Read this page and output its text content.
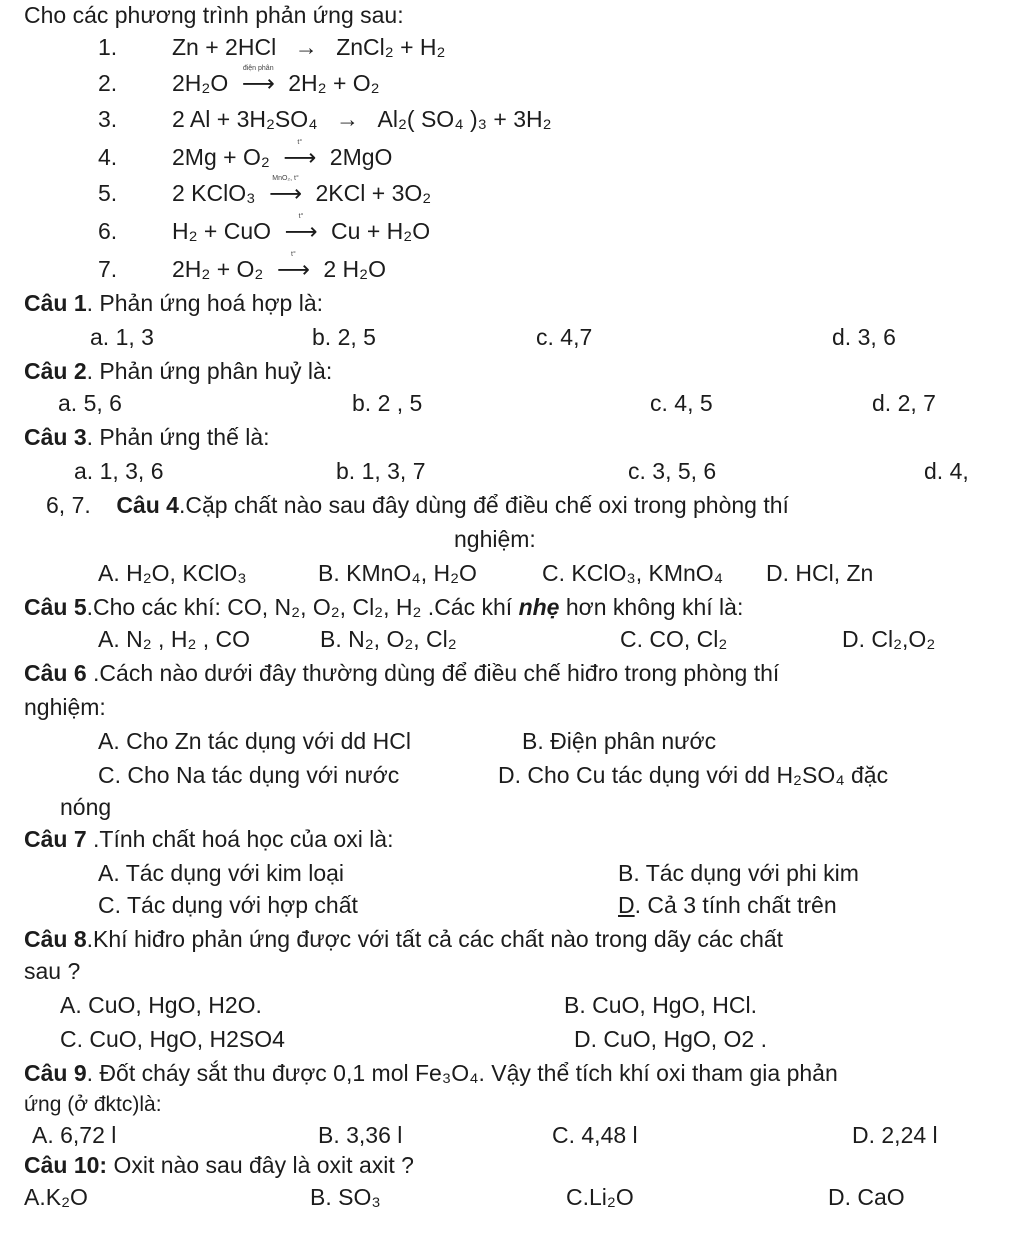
Cho các phương trình phản ứng sau:
1. Zn + 2HCl → ZnCl₂ + H₂
2. 2H₂O
điện phân
⟶ 2H₂ + O₂
3. 2 Al + 3H₂SO₄ → Al₂( SO₄ )₃ + 3H₂
4. 2Mg + O₂
t°
⟶ 2MgO
5. 2 KClO₃
MnO₂, t°
⟶ 2KCl + 3O₂
6. H₂ + CuO
t°
⟶ Cu + H₂O
7. 2H₂ + O₂
t°
⟶ 2 H₂O
Câu 1. Phản ứng hoá hợp là:
a. 1, 3	b. 2, 5	c. 4,7	d. 3, 6
Câu 2. Phản ứng phân huỷ là:
a. 5, 6	b. 2 , 5	c. 4, 5	d. 2, 7
Câu 3. Phản ứng thế là:
a. 1, 3, 6	b. 1, 3, 7	c. 3, 5, 6	d. 4,
6, 7. Câu 4.Cặp chất nào sau đây dùng để điều chế oxi trong phòng thí
nghiệm:
A. H₂O, KClO₃	B. KMnO₄, H₂O	C. KClO₃, KMnO₄ D. HCl, Zn
Câu 5.Cho các khí: CO, N₂, O₂, Cl₂, H₂ .Các khí nhẹ hơn không khí là:
A. N₂ , H₂ , CO	B. N₂, O₂, Cl₂	C. CO, Cl₂	D. Cl₂,O₂
Câu 6 .Cách nào dưới đây thường dùng để điều chế hiđro trong phòng thí
nghiệm:
A. Cho Zn tác dụng với dd HCl	B. Điện phân nước
C. Cho Na tác dụng với nước	D. Cho Cu tác dụng với dd H₂SO₄ đặc
nóng
Câu 7 .Tính chất hoá học của oxi là:
A. Tác dụng với kim loại	B. Tác dụng với phi kim
C. Tác dụng với hợp chất	D. Cả 3 tính chất trên
Câu 8.Khí hiđro phản ứng được với tất cả các chất nào trong dãy các chất
sau ?
A. CuO, HgO, H2O.	B. CuO, HgO, HCl.
C. CuO, HgO, H2SO4	D. CuO, HgO, O2 .
Câu 9. Đốt cháy sắt thu được 0,1 mol Fe₃O₄. Vậy thể tích khí oxi tham gia phản
ứng (ở đktc)là:
A. 6,72 l	B. 3,36 l	C. 4,48 l	D. 2,24 l
Câu 10: Oxit nào sau đây là oxit axit ?
A.K₂O	B. SO₃	C.Li₂O	D. CaO
